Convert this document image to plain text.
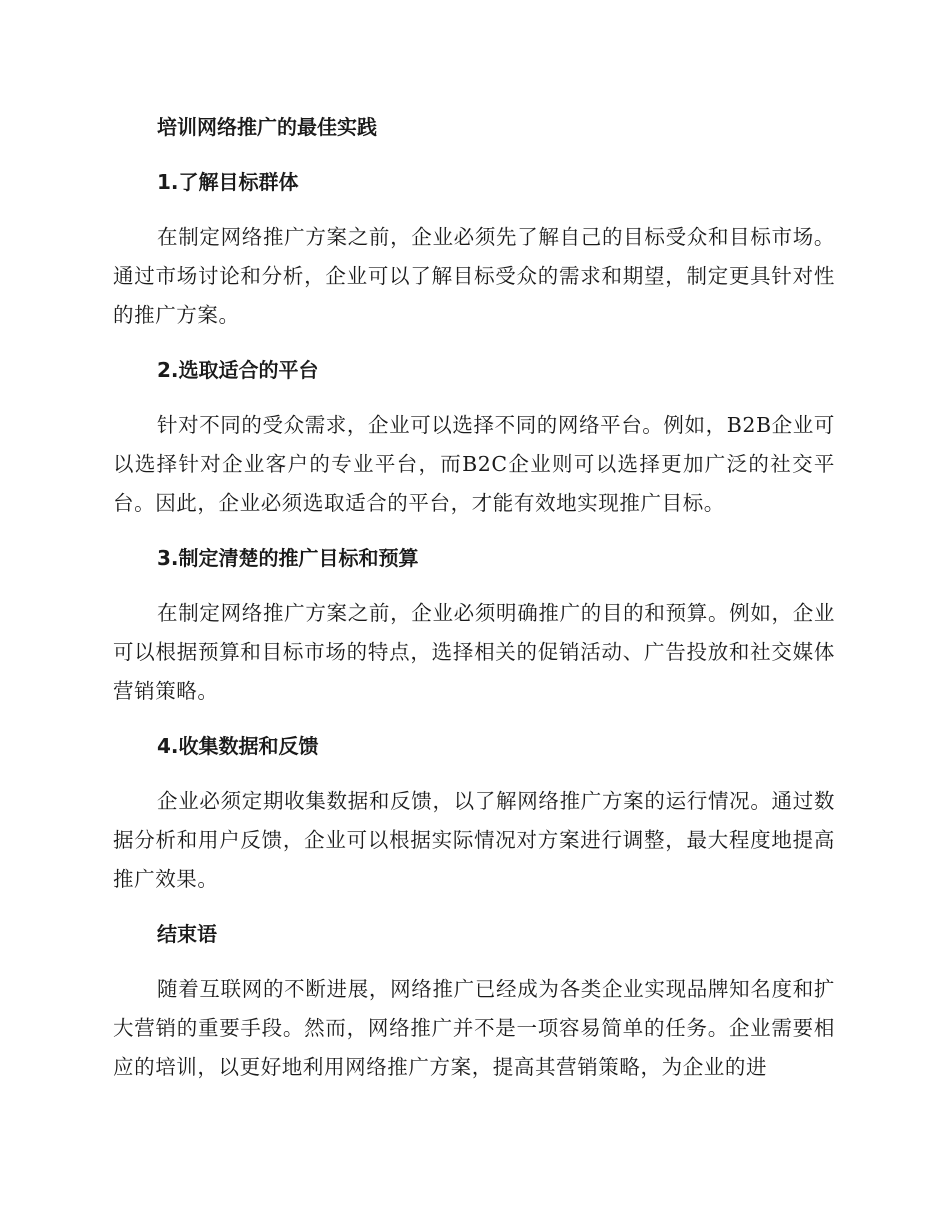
培训网络推广的最佳实践
1.了解目标群体
在制定网络推广方案之前，企业必须先了解自己的目标受众和目标市场。通过市场讨论和分析，企业可以了解目标受众的需求和期望，制定更具针对性的推广方案。
2.选取适合的平台
针对不同的受众需求，企业可以选择不同的网络平台。例如，B2B企业可以选择针对企业客户的专业平台，而B2C企业则可以选择更加广泛的社交平台。因此，企业必须选取适合的平台，才能有效地实现推广目标。
3.制定清楚的推广目标和预算
在制定网络推广方案之前，企业必须明确推广的目的和预算。例如，企业可以根据预算和目标市场的特点，选择相关的促销活动、广告投放和社交媒体营销策略。
4.收集数据和反馈
企业必须定期收集数据和反馈，以了解网络推广方案的运行情况。通过数据分析和用户反馈，企业可以根据实际情况对方案进行调整，最大程度地提高推广效果。
结束语
随着互联网的不断进展，网络推广已经成为各类企业实现品牌知名度和扩大营销的重要手段。然而，网络推广并不是一项容易简单的任务。企业需要相应的培训，以更好地利用网络推广方案，提高其营销策略，为企业的进
